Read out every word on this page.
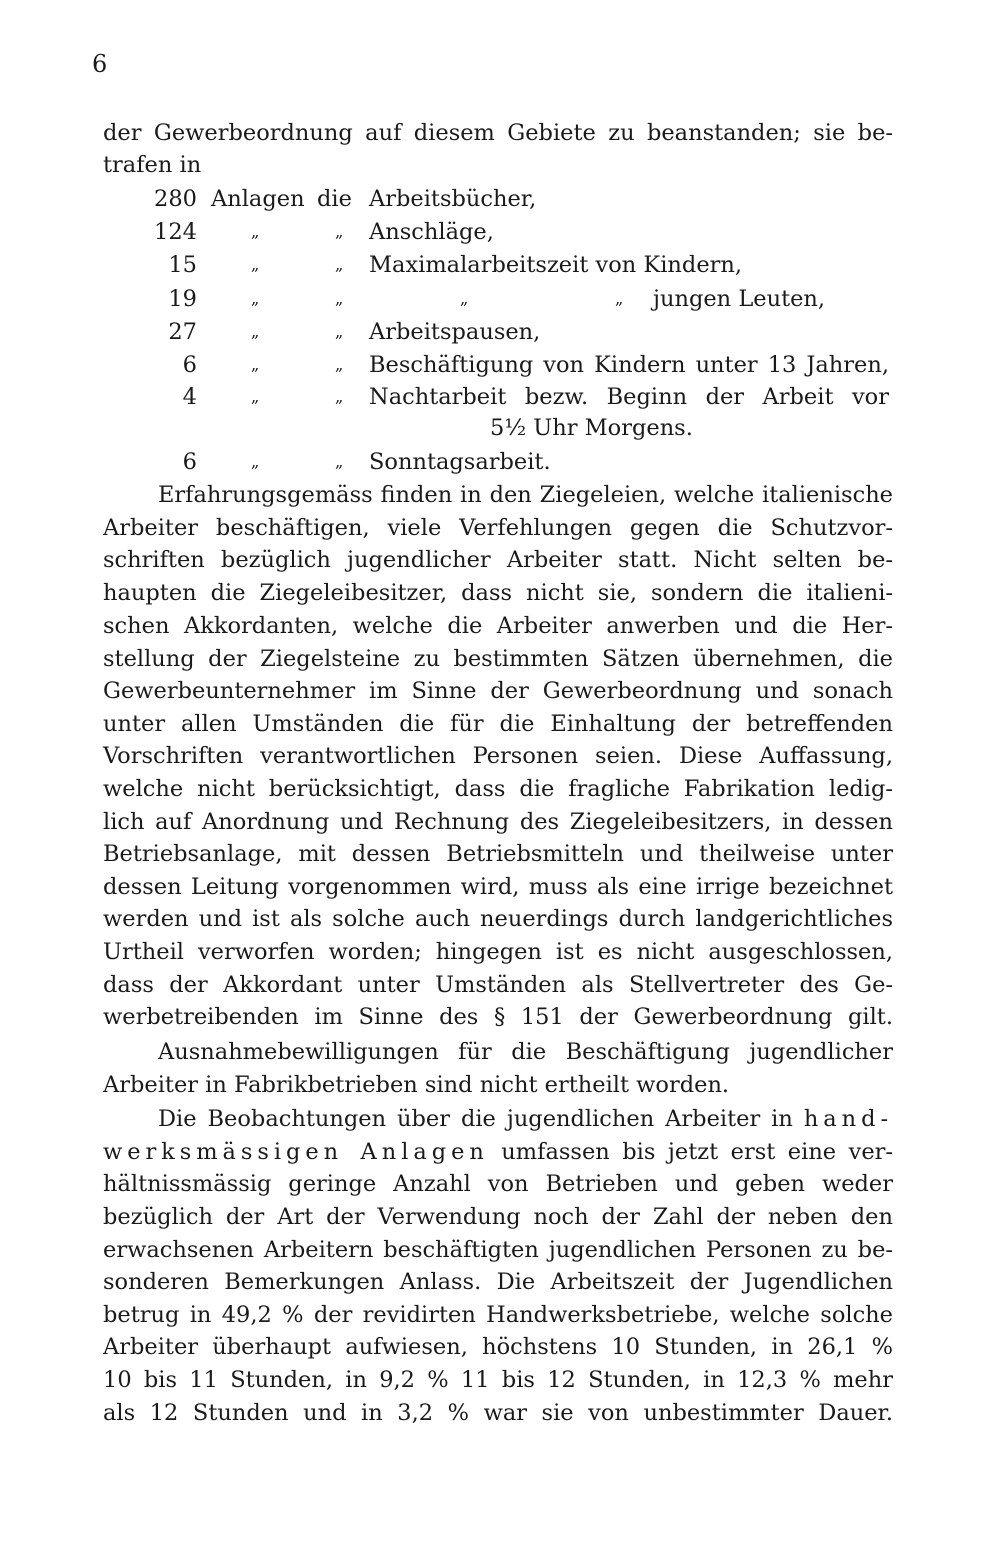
6
der Gewerbeordnung auf diesem Gebiete zu beanstanden; sie be-
trafen in
280 Anlagen die Arbeitsbücher,
124	„	„ Anschläge,
15	„	„ Maximalarbeitszeit von Kindern,
19	„	„	„	„ jungen Leuten,
27	„	„ Arbeitspausen,
6	„	„ Beschäftigung von Kindern unter 13 Jahren,
4	„	„ Nachtarbeit bezw. Beginn der Arbeit vor
5½ Uhr Morgens.
6	„	„ Sonntagsarbeit.
Erfahrungsgemäss finden in den Ziegeleien, welche italienische
Arbeiter beschäftigen, viele Verfehlungen gegen die Schutzvor-
schriften bezüglich jugendlicher Arbeiter statt. Nicht selten be-
haupten die Ziegeleibesitzer, dass nicht sie, sondern die italieni-
schen Akkordanten, welche die Arbeiter anwerben und die Her-
stellung der Ziegelsteine zu bestimmten Sätzen übernehmen, die
Gewerbeunternehmer im Sinne der Gewerbeordnung und sonach
unter allen Umständen die für die Einhaltung der betreffenden
Vorschriften verantwortlichen Personen seien. Diese Auffassung,
welche nicht berücksichtigt, dass die fragliche Fabrikation ledig-
lich auf Anordnung und Rechnung des Ziegeleibesitzers, in dessen
Betriebsanlage, mit dessen Betriebsmitteln und theilweise unter
dessen Leitung vorgenommen wird, muss als eine irrige bezeichnet
werden und ist als solche auch neuerdings durch landgerichtliches
Urtheil verworfen worden; hingegen ist es nicht ausgeschlossen,
dass der Akkordant unter Umständen als Stellvertreter des Ge-
werbetreibenden im Sinne des § 151 der Gewerbeordnung gilt.
Ausnahmebewilligungen für die Beschäftigung jugendlicher
Arbeiter in Fabrikbetrieben sind nicht ertheilt worden.
Die Beobachtungen über die jugendlichen Arbeiter in hand-
werksmässigen Anlagen umfassen bis jetzt erst eine ver-
hältnissmässig geringe Anzahl von Betrieben und geben weder
bezüglich der Art der Verwendung noch der Zahl der neben den
erwachsenen Arbeitern beschäftigten jugendlichen Personen zu be-
sonderen Bemerkungen Anlass. Die Arbeitszeit der Jugendlichen
betrug in 49,2 % der revidirten Handwerksbetriebe, welche solche
Arbeiter überhaupt aufwiesen, höchstens 10 Stunden, in 26,1 %
10 bis 11 Stunden, in 9,2 % 11 bis 12 Stunden, in 12,3 % mehr
als 12 Stunden und in 3,2 % war sie von unbestimmter Dauer.
